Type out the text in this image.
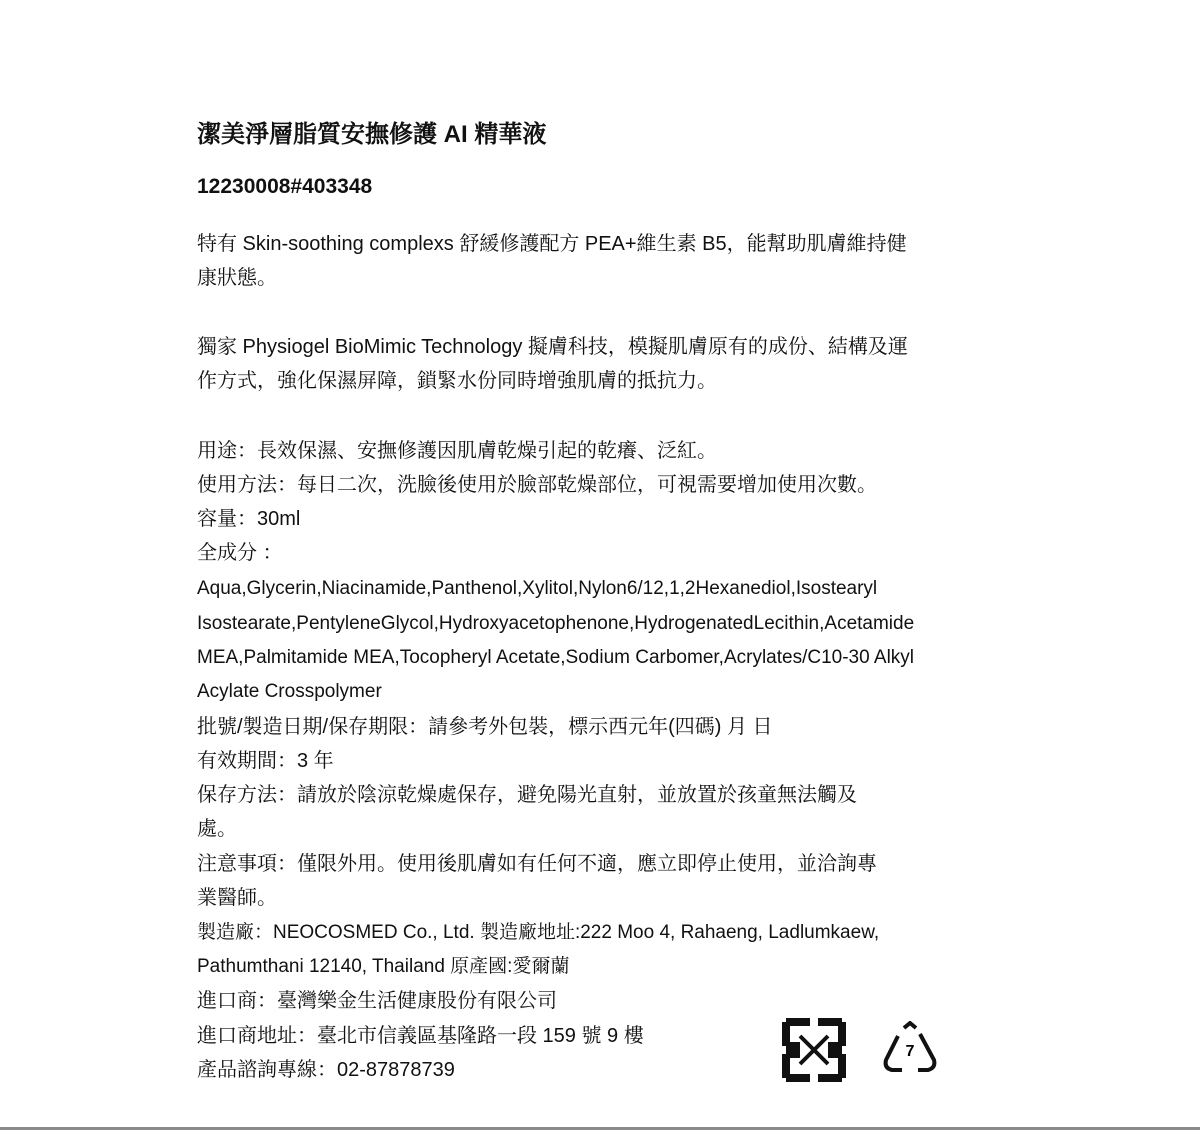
潔美淨層脂質安撫修護 AI 精華液
12230008#403348
特有 Skin-soothing complexs 舒緩修護配方 PEA+維生素 B5，能幫助肌膚維持健
康狀態。
獨家 Physiogel BioMimic Technology 擬膚科技，模擬肌膚原有的成份、結構及運
作方式，強化保濕屏障，鎖緊水份同時增強肌膚的抵抗力。
用途：長效保濕、安撫修護因肌膚乾燥引起的乾癢、泛紅。
使用方法：每日二次，洗臉後使用於臉部乾燥部位，可視需要增加使用次數。
容量：30ml
全成分 ：
Aqua,Glycerin,Niacinamide,Panthenol,Xylitol,Nylon6/12,1,2Hexanediol,Isostearyl
Isostearate,PentyleneGlycol,Hydroxyacetophenone,HydrogenatedLecithin,Acetamide
MEA,Palmitamide MEA,Tocopheryl Acetate,Sodium Carbomer,Acrylates/C10-30 Alkyl
Acylate Crosspolymer
批號/製造日期/保存期限：請參考外包裝，標示西元年(四碼) 月 日
有效期間：3 年
保存方法：請放於陰涼乾燥處保存，避免陽光直射，並放置於孩童無法觸及
處。
注意事項：僅限外用。使用後肌膚如有任何不適，應立即停止使用，並洽詢專
業醫師。
製造廠：NEOCOSMED Co., Ltd. 製造廠地址:222 Moo 4, Rahaeng, Ladlumkaew,
Pathumthani 12140, Thailand 原產國:愛爾蘭
進口商：臺灣樂金生活健康股份有限公司
進口商地址：臺北市信義區基隆路一段 159 號 9 樓
產品諮詢專線：02-87878739
7
